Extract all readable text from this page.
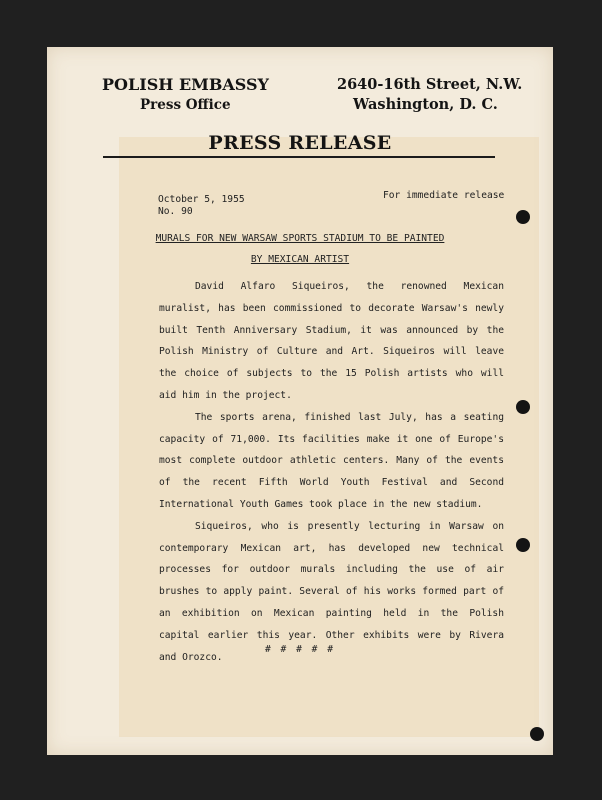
POLISH EMBASSY
Press Office
2640-16th Street, N.W.
Washington, D. C.
PRESS RELEASE
October 5, 1955
No. 90
For immediate release
MURALS FOR NEW WARSAW SPORTS STADIUM TO BE PAINTED
BY MEXICAN ARTIST

David Alfaro Siqueiros, the renowned Mexican muralist, has been commissioned to decorate Warsaw's newly built Tenth Anniversary Stadium, it was announced by the Polish Ministry of Culture and Art. Siqueiros will leave the choice of subjects to the 15 Polish artists who will aid him in the project.

The sports arena, finished last July, has a seating capacity of 71,000. Its facilities make it one of Europe's most complete outdoor athletic centers. Many of the events of the recent Fifth World Youth Festival and Second International Youth Games took place in the new stadium.

Siqueiros, who is presently lecturing in Warsaw on contemporary Mexican art, has developed new technical processes for outdoor murals including the use of air brushes to apply paint. Several of his works formed part of an exhibition on Mexican painting held in the Polish capital earlier this year. Other exhibits were by Rivera and Orozco.

# # # # #
